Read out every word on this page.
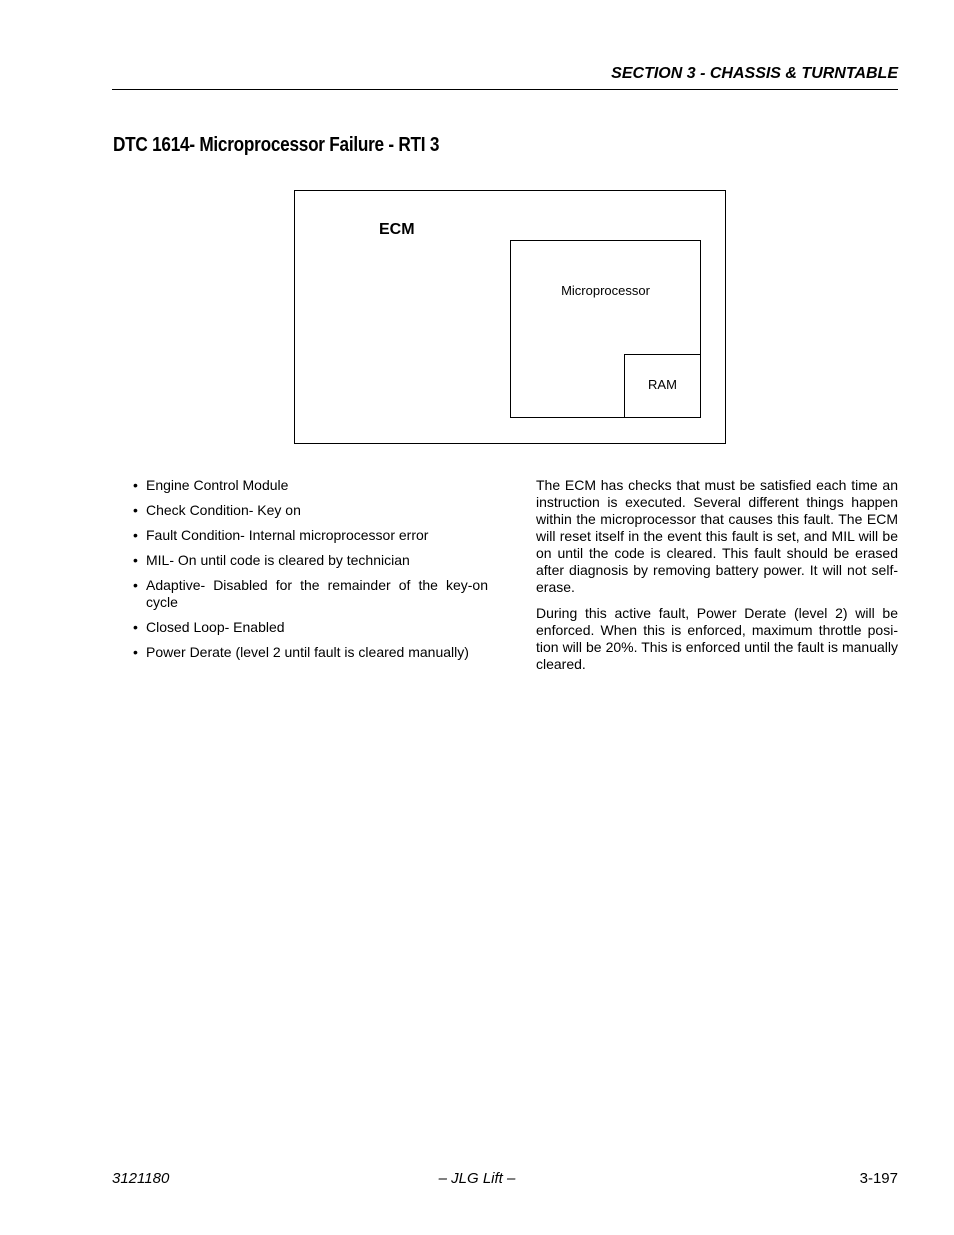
SECTION 3 - CHASSIS & TURNTABLE
DTC 1614- Microprocessor Failure - RTI 3
ECM
Microprocessor
RAM
• Engine Control Module
• Check Condition- Key on
• Fault Condition- Internal microprocessor error
• MIL- On until code is cleared by technician
• Adaptive- Disabled for the remainder of the key-on cycle
• Closed Loop- Enabled
• Power Derate (level 2 until fault is cleared manually)

The ECM has checks that must be satisfied each time an instruction is executed. Several different things happen within the microprocessor that causes this fault. The ECM will reset itself in the event this fault is set, and MIL will be on until the code is cleared. This fault should be erased after diagnosis by removing battery power. It will not self-erase.

During this active fault, Power Derate (level 2) will be enforced. When this is enforced, maximum throttle posi-tion will be 20%. This is enforced until the fault is manually cleared.

3121180	– JLG Lift –	3-197
